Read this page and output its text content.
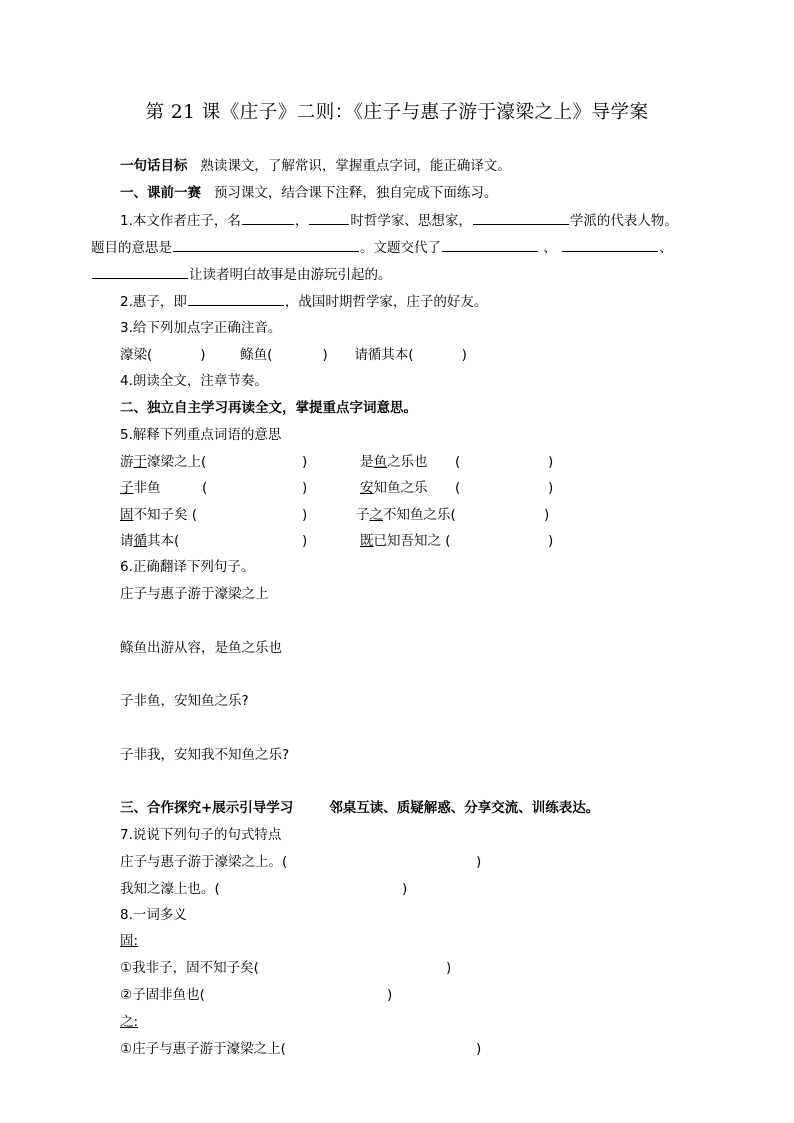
第 21 课《庄子》二则：《庄子与惠子游于濠梁之上》导学案
一句话目标 熟读课文，了解常识，掌握重点字词，能正确译文。
一、课前一赛 预习课文，结合课下注释，独自完成下面练习。
1.本文作者庄子，名	，	时哲学家、思想家，	学派的代表人物。
题目的意思是	。文题交代了	、	、
让读者明白故事是由游玩引起的。
2.惠子，即	，战国时期哲学家，庄子的好友。
3.给下列加点字正确注音。
濠梁(	)	鲦鱼(	) 请循其本(	)
4.朗读全文，注章节奏。
二、独立自主学习再读全文，掌提重点字词意思。
5.解释下列重点词语的意思
游于濠梁之上(	)	是鱼之乐也 (	)
子非鱼	(	)	安知鱼之乐 (	)
固不知子矣 (	)	子之不知鱼之乐(	)
请循其本(	)	既已知吾知之 (	)
6.正确翻译下列句子。
庄子与惠子游于濠梁之上
鲦鱼出游从容，是鱼之乐也
子非鱼，安知鱼之乐?
子非我，安知我不知鱼之乐?
三、合作探究+展示引导学习	邻桌互读、质疑解惑、分享交流、训练表达。
7.说说下列句子的句式特点
庄子与惠子游于濠梁之上。(	)
我知之濠上也。(	)
8.一词多义
固:
①我非子，固不知子矣(	)
②子固非鱼也(	)
之:
①庄子与惠子游于濠梁之上(	)
